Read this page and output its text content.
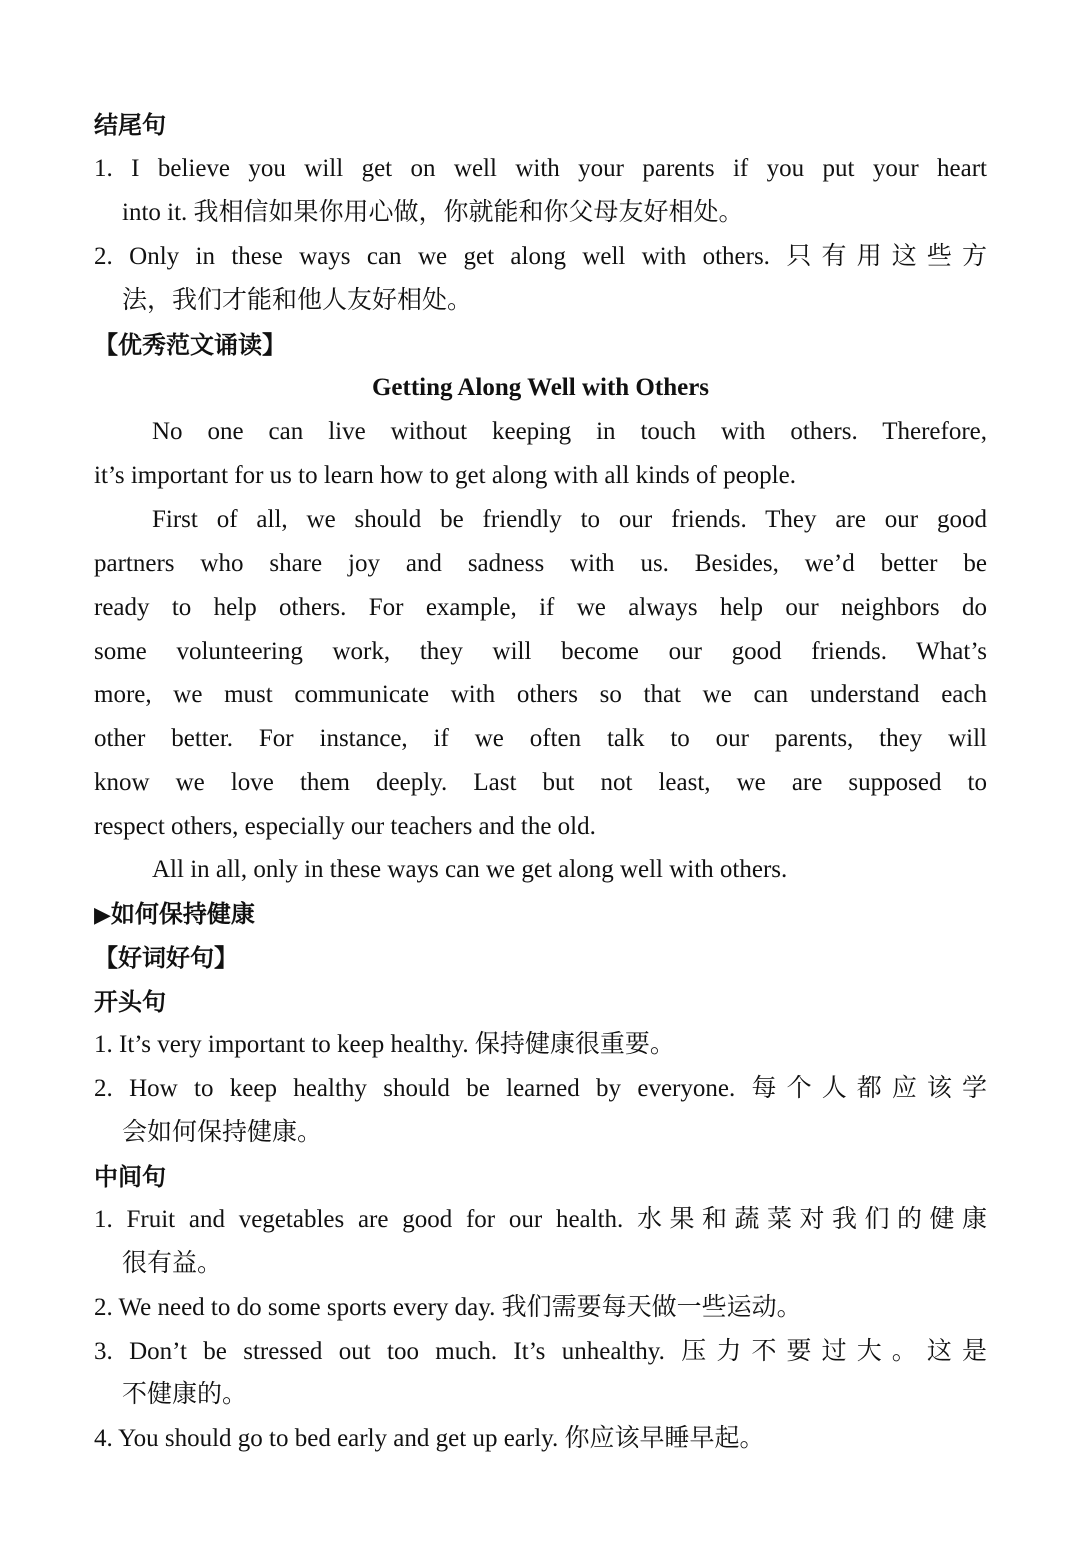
结尾句
1. I believe you will get on well with your parents if you put your heart
into it. 我相信如果你用心做，你就能和你父母友好相处。
2. Only in these ways can we get along well with others. 只有用这些方
法，我们才能和他人友好相处。
【优秀范文诵读】
Getting Along Well with Others
No one can live without keeping in touch with others. Therefore,
it’s important for us to learn how to get along with all kinds of people.
First of all, we should be friendly to our friends. They are our good
partners who share joy and sadness with us. Besides, we’d better be
ready to help others. For example, if we always help our neighbors do
some volunteering work, they will become our good friends. What’s
more, we must communicate with others so that we can understand each
other better. For instance, if we often talk to our parents, they will
know we love them deeply. Last but not least, we are supposed to
respect others, especially our teachers and the old.
All in all, only in these ways can we get along well with others.
▶如何保持健康
【好词好句】
开头句
1. It’s very important to keep healthy. 保持健康很重要。
2. How to keep healthy should be learned by everyone. 每个人都应该学
会如何保持健康。
中间句
1. Fruit and vegetables are good for our health. 水果和蔬菜对我们的健康
很有益。
2. We need to do some sports every day. 我们需要每天做一些运动。
3. Don’t be stressed out too much. It’s unhealthy. 压力不要过大。这是
不健康的。
4. You should go to bed early and get up early. 你应该早睡早起。
